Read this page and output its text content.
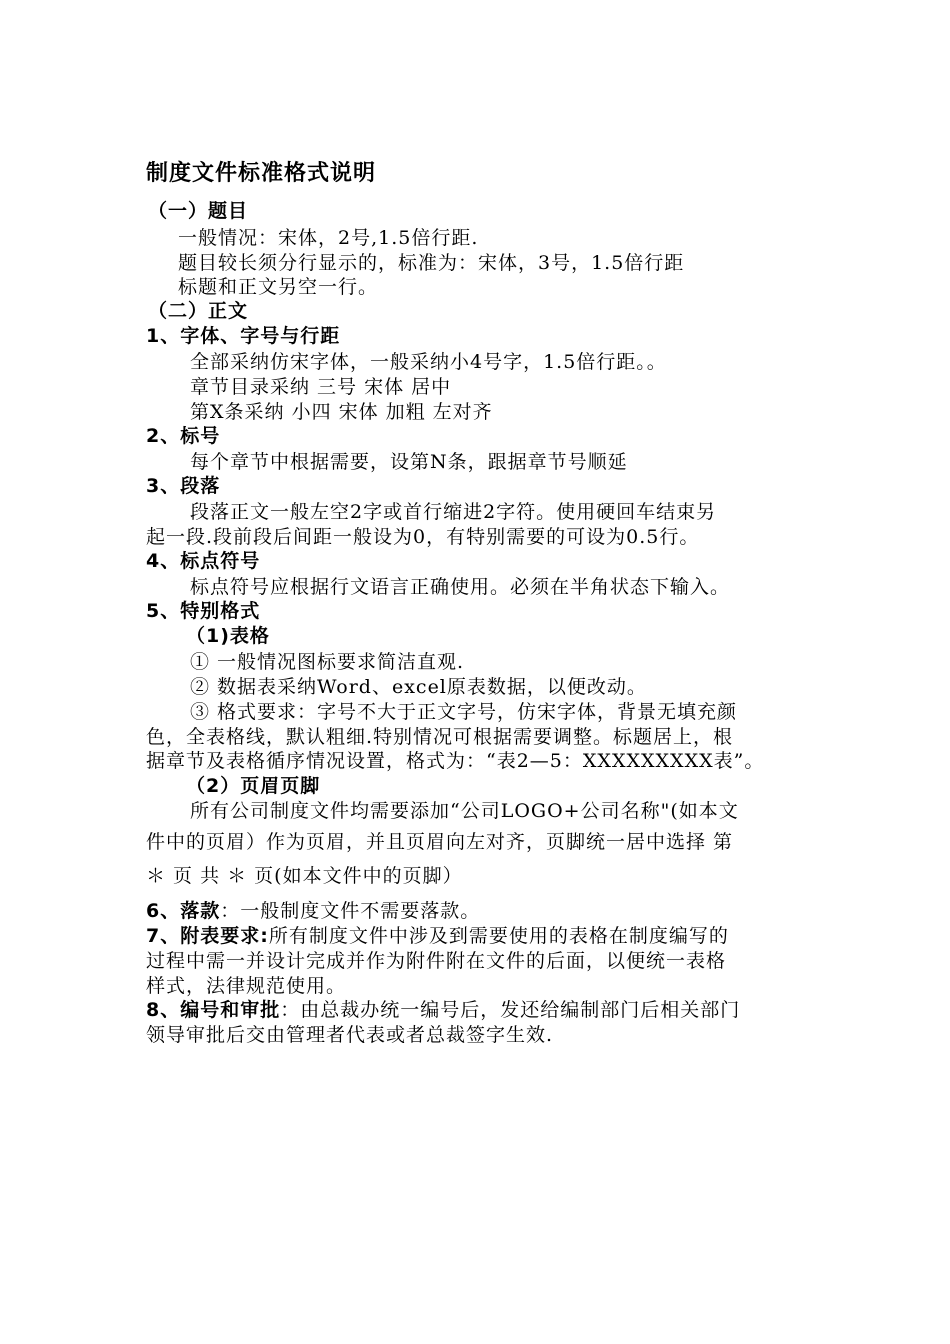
制度文件标准格式说明
（一）题目
一般情况：宋体，2号,1.5倍行距.
题目较长须分行显示的，标准为：宋体，3号，1.5倍行距
标题和正文另空一行。
（二）正文
1、字体、字号与行距
全部采纳仿宋字体，一般采纳小4号字，1.5倍行距。。
章节目录采纳 三号 宋体 居中
第X条采纳 小四 宋体 加粗 左对齐
2、标号
每个章节中根据需要，设第N条，跟据章节号顺延
3、段落
段落正文一般左空2字或首行缩进2字符。使用硬回车结束另
起一段.段前段后间距一般设为0，有特别需要的可设为0.5行。
4、标点符号
标点符号应根据行文语言正确使用。必须在半角状态下输入。
5、特别格式
（1)表格
① 一般情况图标要求简洁直观.
② 数据表采纳Word、excel原表数据，以便改动。
③ 格式要求：字号不大于正文字号，仿宋字体，背景无填充颜
色，全表格线，默认粗细.特别情况可根据需要调整。标题居上，根
据章节及表格循序情况设置，格式为：“表2—5：XXXXXXXXX表”。
（2）页眉页脚
所有公司制度文件均需要添加“公司LOGO+公司名称"(如本文
件中的页眉）作为页眉，并且页眉向左对齐，页脚统一居中选择 第
＊ 页 共 ＊ 页(如本文件中的页脚）
6、落款：一般制度文件不需要落款。
7、附表要求:所有制度文件中涉及到需要使用的表格在制度编写的
过程中需一并设计完成并作为附件附在文件的后面，以便统一表格
样式，法律规范使用。
8、编号和审批：由总裁办统一编号后，发还给编制部门后相关部门
领导审批后交由管理者代表或者总裁签字生效.
